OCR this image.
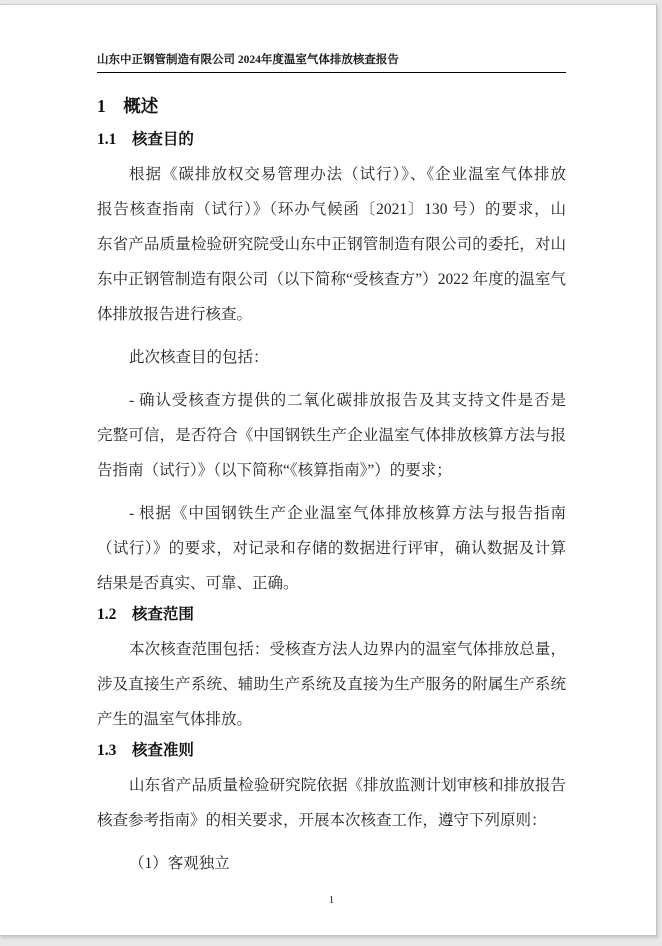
山东中正钢管制造有限公司 2024年度温室气体排放核查报告
1　概述
1.1　核查目的
根据《碳排放权交易管理办法（试行）》、《企业温室气体排放
报告核查指南（试行）》（环办气候函〔2021〕130 号）的要求，山
东省产品质量检验研究院受山东中正钢管制造有限公司的委托，对山
东中正钢管制造有限公司（以下简称“受核查方”）2022 年度的温室气
体排放报告进行核查。
此次核查目的包括：
- 确认受核查方提供的二氧化碳排放报告及其支持文件是否是
完整可信，是否符合《中国钢铁生产企业温室气体排放核算方法与报
告指南（试行）》（以下简称“《核算指南》”）的要求；
- 根据《中国钢铁生产企业温室气体排放核算方法与报告指南
（试行）》的要求，对记录和存储的数据进行评审，确认数据及计算
结果是否真实、可靠、正确。
1.2　核查范围
本次核查范围包括：受核查方法人边界内的温室气体排放总量，
涉及直接生产系统、辅助生产系统及直接为生产服务的附属生产系统
产生的温室气体排放。
1.3　核查准则
山东省产品质量检验研究院依据《排放监测计划审核和排放报告
核查参考指南》的相关要求，开展本次核查工作，遵守下列原则：
（1）客观独立
1
